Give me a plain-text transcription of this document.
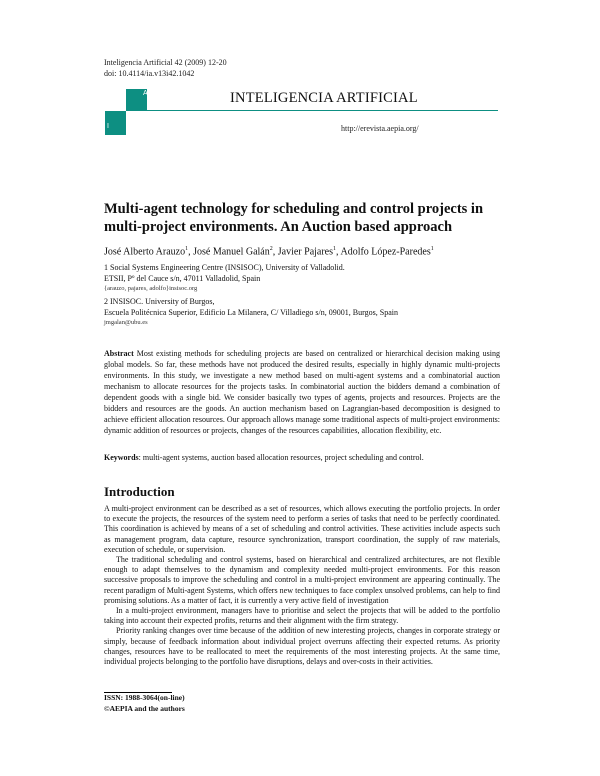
Inteligencia Artificial 42 (2009) 12-20
doi: 10.4114/ia.v13i42.1042
A
I
INTELIGENCIA ARTIFICIAL
http://erevista.aepia.org/
Multi-agent technology for scheduling and control projects in multi-project environments. An Auction based approach
José Alberto Arauzo$^1$, José Manuel Galán$^2$, Javier Pajares$^1$, Adolfo López-Paredes$^1$
1 Social Systems Engineering Centre (INSISOC), University of Valladolid.
ETSII, Pº del Cauce s/n, 47011 Valladolid, Spain
{arauzo, pajares, adolfo}insisoc.org
2 INSISOC. University of Burgos,
Escuela Politécnica Superior, Edificio La Milanera, C/ Villadiego s/n, 09001, Burgos, Spain
jmgalan@ubu.es
Abstract Most existing methods for scheduling projects are based on centralized or hierarchical decision making using global models. So far, these methods have not produced the desired results, especially in highly dynamic multi-projects environments. In this study, we investigate a new method based on multi-agent systems and a combinatorial auction mechanism to allocate resources for the projects tasks. In combinatorial auction the bidders demand a combination of dependent goods with a single bid. We consider basically two types of agents, projects and resources. Projects are the bidders and resources are the goods. An auction mechanism based on Lagrangian-based decomposition is designed to achieve efficient allocation resources. Our approach allows manage some traditional aspects of multi-project environments: dynamic addition of resources or projects, changes of the resources capabilities, allocation flexibility, etc.
Keywords: multi-agent systems, auction based allocation resources, project scheduling and control.
Introduction

A multi-project environment can be described as a set of resources, which allows executing the portfolio projects. In order to execute the projects, the resources of the system need to perform a series of tasks that need to be perfectly coordinated. This coordination is achieved by means of a set of scheduling and control activities. These activities include aspects such as management program, data capture, resource synchronization, transport coordination, the supply of raw materials, execution of schedule, or supervision.

The traditional scheduling and control systems, based on hierarchical and centralized architectures, are not flexible enough to adapt themselves to the dynamism and complexity needed multi-project environments. For this reason successive proposals to improve the scheduling and control in a multi-project environment are appearing continually. The recent paradigm of Multi-agent Systems, which offers new techniques to face complex unsolved problems, can help to find promising solutions. As a matter of fact, it is currently a very active field of investigation

In a multi-project environment, managers have to prioritise and select the projects that will be added to the portfolio taking into account their expected profits, returns and their alignment with the firm strategy.

Priority ranking changes over time because of the addition of new interesting projects, changes in corporate strategy or simply, because of feedback information about individual project overruns affecting their expected returns. As priority changes, resources have to be reallocated to meet the requirements of the most interesting projects. At the same time, individual projects belonging to the portfolio have disruptions, delays and over-costs in their activities.

ISSN: 1988-3064(on-line)
©AEPIA and the authors
